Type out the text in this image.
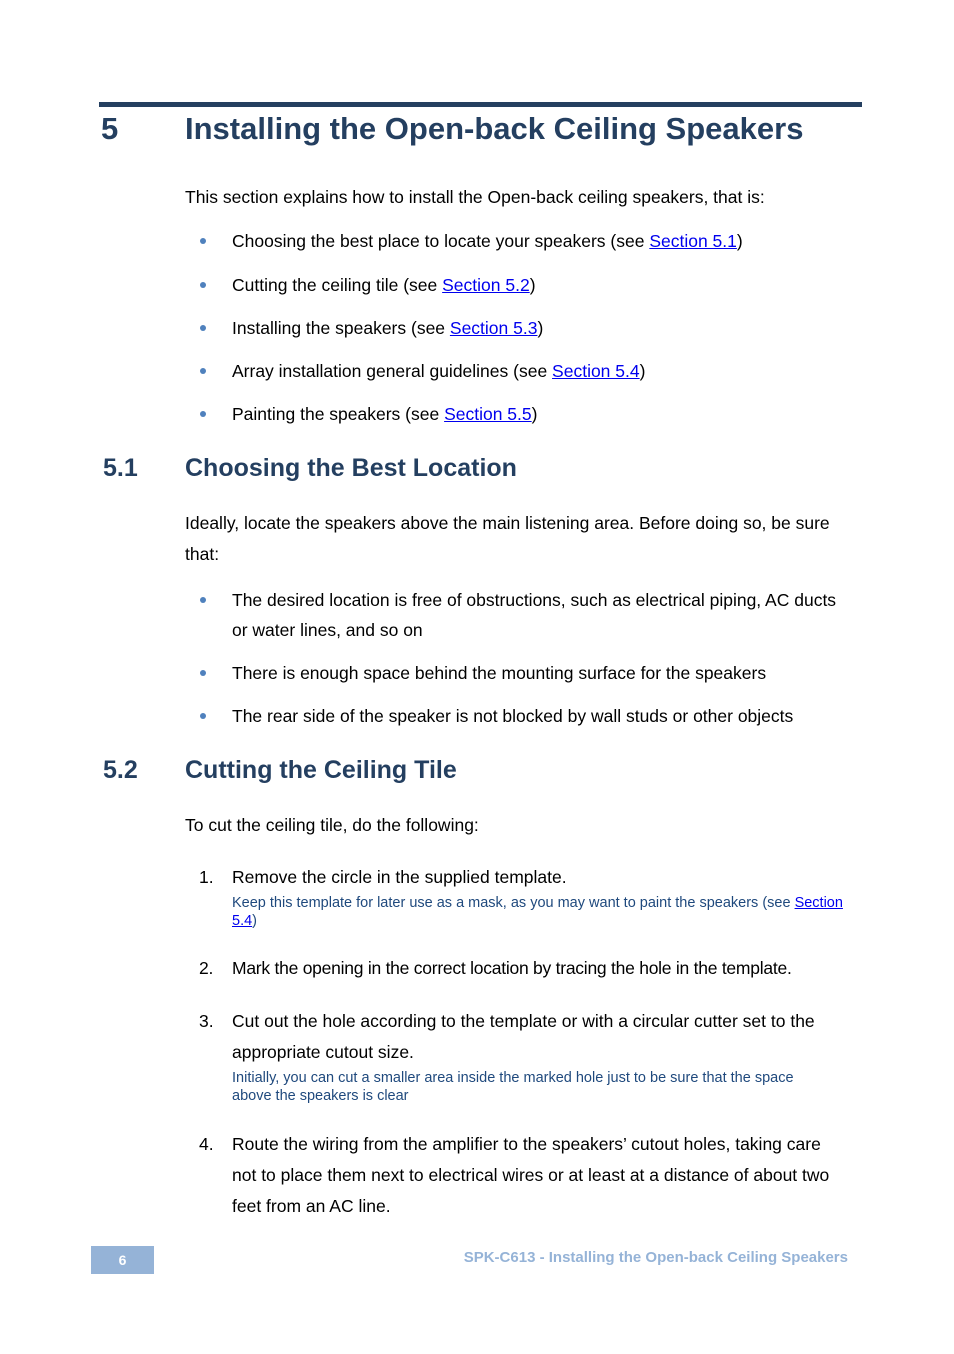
5 Installing the Open-back Ceiling Speakers
This section explains how to install the Open-back ceiling speakers, that is:
Choosing the best place to locate your speakers (see Section 5.1)
Cutting the ceiling tile (see Section 5.2)
Installing the speakers (see Section 5.3)
Array installation general guidelines (see Section 5.4)
Painting the speakers (see Section 5.5)
5.1 Choosing the Best Location
Ideally, locate the speakers above the main listening area. Before doing so, be sure that:
The desired location is free of obstructions, such as electrical piping, AC ducts or water lines, and so on
There is enough space behind the mounting surface for the speakers
The rear side of the speaker is not blocked by wall studs or other objects
5.2 Cutting the Ceiling Tile
To cut the ceiling tile, do the following:
1. Remove the circle in the supplied template.
Keep this template for later use as a mask, as you may want to paint the speakers (see Section 5.4)
2. Mark the opening in the correct location by tracing the hole in the template.
3. Cut out the hole according to the template or with a circular cutter set to the appropriate cutout size.
Initially, you can cut a smaller area inside the marked hole just to be sure that the space above the speakers is clear
4. Route the wiring from the amplifier to the speakers’ cutout holes, taking care not to place them next to electrical wires or at least at a distance of about two feet from an AC line.
6	SPK-C613 - Installing the Open-back Ceiling Speakers
